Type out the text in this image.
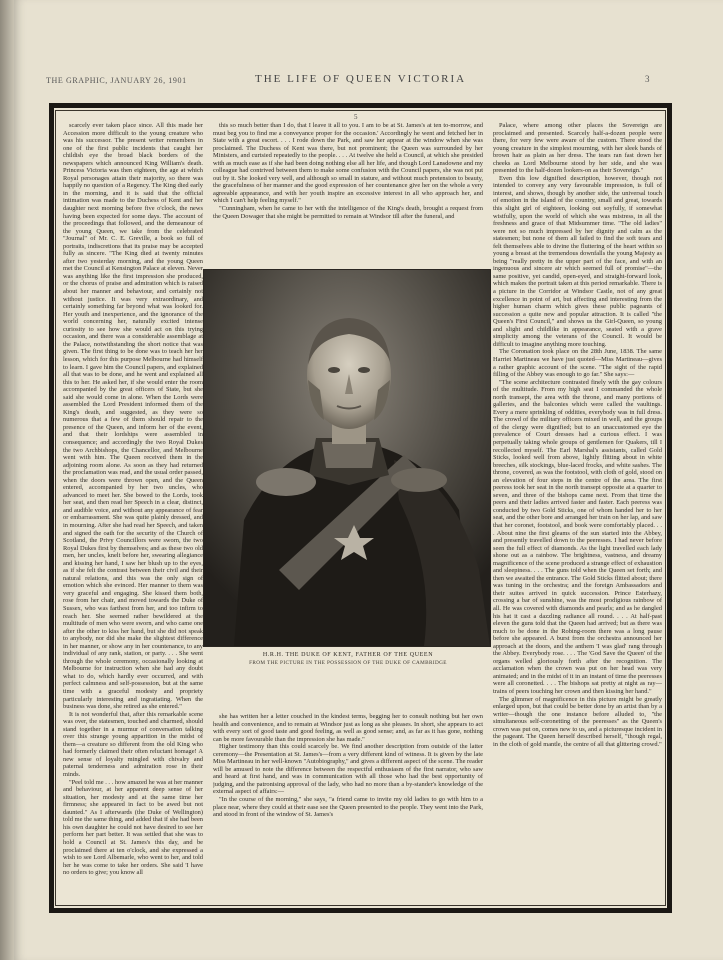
THE GRAPHIC, JANUARY 26, 1901	THE LIFE OF QUEEN VICTORIA	3
5

scarcely ever taken place since. All this made her Accession more difficult to the young creature who was his successor. The present writer remembers in one of the first public incidents that caught her childish eye the broad black borders of the newspapers which announced King William's death. Princess Victoria was then eighteen, the age at which Royal personages attain their majority, so there was happily no question of a Regency. The King died early in the morning, and it is said that the official intimation was made to the Duchess of Kent and her daughter next morning before five o'clock, the news having been expected for some days. The account of the proceedings that followed, and the demeanour of the young Queen, we take from the celebrated "Journal" of Mr. C. E. Greville, a book so full of portraits, indiscretions that its praise may be accepted fully as sincere. "The King died at twenty minutes after two yesterday morning, and the young Queen met the Council at Kensington Palace at eleven. Never was anything like the first impression she produced, or the chorus of praise and admiration which is raised about her manner and behaviour, and certainly not without justice. It was very extraordinary, and certainly something far beyond what was looked for. Her youth and inexperience, and the ignorance of the world concerning her, naturally excited intense curiosity to see how she would act on this trying occasion, and there was a considerable assemblage at the Palace, notwithstanding the short notice that was given. The first thing to be done was to teach her her lesson, which for this purpose Melbourne had himself to learn. I gave him the Council papers, and explained all that was to be done, and he went and explained all this to her. He asked her, if she would enter the room accompanied by the great officers of State, but she said she would come in alone. When the Lords were assembled the Lord President informed them of the King's death, and suggested, as they were so numerous that a few of them should repair to the presence of the Queen, and inform her of the event, and that their lordships were assembled in consequence; and accordingly the two Royal Dukes the two Archbishops, the Chancellor, and Melbourne went with him. The Queen received them in the adjoining room alone. As soon as they had returned the proclamation was read, and the usual order passed, when the doors were thrown open, and the Queen entered, accompanied by her two uncles, who advanced to meet her. She bowed to the Lords, took her seat, and then read her Speech in a clear, distinct, and audible voice, and without any appearance of fear or embarrassment. She was quite plainly dressed, and in mourning. After she had read her Speech, and taken and signed the oath for the security of the Church of Scotland, the Privy Councillors were sworn, the two Royal Dukes first by themselves; and as these two old men, her uncles, knelt before her, swearing allegiance and kissing her hand, I saw her blush up to the eyes, as if she felt the contrast between their civil and their natural relations, and this was the only sign of emotion which she evinced. Her manner to them was very graceful and engaging. She kissed them both, rose from her chair, and moved towards the Duke of Sussex, who was farthest from her, and too infirm to reach her. She seemed rather bewildered at the multitude of men who were sworn, and who came one after the other to kiss her hand, but she did not speak to anybody, nor did she make the slightest difference in her manner, or show any in her countenance, to any individual of any rank, station, or party. . . . She went through the whole ceremony, occasionally looking at Melbourne for instruction when she had any doubt what to do, which hardly ever occurred, and with perfect calmness and self-possession, but at the same time with a graceful modesty and propriety particularly interesting and ingratiating. When the business was done, she retired as she entered."

It is not wonderful that, after this remarkable scene was over, the statesmen, touched and charmed, should stand together in a murmur of conversation talking over this strange young apparition in the midst of them—a creature so different from the old King who had formerly claimed their often reluctant homage! A new sense of loyalty mingled with chivalry and paternal tenderness and admiration rose in their minds.

"Peel told me . . . how amazed he was at her manner and behaviour, at her apparent deep sense of her situation, her modesty and at the same time her firmness; she appeared in fact to be awed but not daunted." As I afterwards (the Duke of Wellington) told me the same thing, and added that if she had been his own daughter he could not have desired to see her perform her part better. It was settled that she was to hold a Council at St. James's this day, and be proclaimed there at ten o'clock, and she expressed a wish to see Lord Albemarle, who went to her, and told her he was come to take her orders. She said 'I have no orders to give; you know all

this so much better than I do, that I leave it all to you. I am to be at St. James's at ten to-morrow, and must beg you to find me a conveyance proper for the occasion.' Accordingly he went and fetched her in State with a great escort. . . . I rode down the Park, and saw her appear at the window when she was proclaimed. The Duchess of Kent was there, but not prominent; the Queen was surrounded by her Ministers, and curtsied repeatedly to the people. . . . At twelve she held a Council, at which she presided with as much ease as if she had been doing nothing else all her life, and though Lord Lansdowne and my colleague had contrived between them to make some confusion with the Council papers, she was not put out by it. She looked very well, and although so small in stature, and without much pretension to beauty, the gracefulness of her manner and the good expression of her countenance give her on the whole a very agreeable appearance, and with her youth inspire an excessive interest in all who approach her, and which I can't help feeling myself."

"Cunningham, when he came to her with the intelligence of the King's death, brought a request from the Queen Dowager that she might be permitted to remain at Windsor till after the funeral, and

H.R.H. THE DUKE OF KENT, FATHER OF THE QUEEN
FROM THE PICTURE IN THE POSSESSION OF THE DUKE OF CAMBRIDGE

she has written her a letter couched in the kindest terms, begging her to consult nothing but her own health and convenience, and to remain at Windsor just as long as she pleases. In short, she appears to act with every sort of good taste and good feeling, as well as good sense; and, as far as it has gone, nothing can be more favourable than the impression she has made."

Higher testimony than this could scarcely be. We find another description from outside of the latter ceremony—the Presentation at St. James's—from a very different kind of witness. It is given by the late Miss Martineau in her well-known "Autobiography," and gives a different aspect of the scene. The reader will be amused to note the difference between the respectful enthusiasm of the first narrator, who saw and heard at first hand, and was in communication with all those who had the best opportunity of judging, and the patronising approval of the lady, who had no more than a by-stander's knowledge of the external aspect of affairs:—

"In the course of the morning," she says, "a friend came to invite my old ladies to go with him to a place near, where they could at their ease see the Queen presented to the people. They went into the Park, and stood in front of the window of St. James's

Palace, where among other places the Sovereign are proclaimed and presented. Scarcely half-a-dozen people were there, for very few were aware of the custom. There stood the young creature in the simplest mourning, with her sleek bands of brown hair as plain as her dress. The tears ran fast down her cheeks as Lord Melbourne stood by her side, and she was presented to the half-dozen lookers-on as their Sovereign."

Even this low dignified description, however, though not intended to convey any very favourable impression, is full of interest, and shows, though by another side, the universal touch of emotion in the island of the country, small and great, towards this slight girl of eighteen, looking out soyfully, if somewhat wistfully, upon the world of which she was mistress, in all the freshness and grace of that Midsummer time. "The old ladies" were not so much impressed by her dignity and calm as the statesmen; but none of them all failed to find the soft tears and felt themselves able to divine the fluttering of the heart within so young a breast at the tremendous downfalls the young Majesty as being "really pretty in the upper part of the face, and with an ingenuous and sincere air which seemed full of promise"—the same positive, yet candid, open-eyed, and straight-forward look, which makes the portrait taken at this period remarkable. There is a picture in the Corridor at Windsor Castle, not of any great excellence in point of art, but affecting and interesting from the higher human charm which gives these public pageants of succession a quite new and popular attraction. It is called "the Queen's First Council," and shows us the Girl-Queen, so young and slight and childlike in appearance, seated with a grave simplicity among the veterans of the Council. It would be difficult to imagine anything more touching.

The Coronation took place on the 28th June, 1838. The same Harriet Martineau we have just quoted—Miss Martineau—gives a rather graphic account of the scene. "The sight of the rapid filling of the Abbey was enough to go far." She says:—

"The scene architecture contrasted finely with the gay colours of the multitude. From my high seat I commanded the whole north transept, the area with the throne, and many portions of galleries, and the balconies which were called the vaultings. Every a mere sprinkling of oddities, everybody was in full dress. The crowd of the military officers mixed in well, and the groups of the clergy were dignified; but to an unaccustomed eye the prevalence of Court dresses had a curious effect. I was perpetually taking whole groups of gentlemen for Quakers, till I recollected myself. The Earl Marshal's assistants, called Gold Sticks, looked well from above, lightly flitting about in white breeches, silk stockings, blue-laced frocks, and white sashes. The throne, covered, as was the footstool, with cloth of gold, stood on an elevation of four steps in the centre of the area. The first peeress took her seat in the north transept opposite at a quarter to seven, and three of the bishops came next. From that time the peers and their ladies arrived faster and faster. Each peeress was conducted by two Gold Sticks, one of whom handed her to her seat, and the other bore and arranged her train on her lap, and saw that her coronet, footstool, and book were comfortably placed. . . . About nine the first gleams of the sun started into the Abbey, and presently travelled down to the peeresses. I had never before seen the full effect of diamonds. As the light travelled each lady shone out as a rainbow. The brightness, vastness, and dreamy magnificence of the scene produced a strange effect of exhaustion and sleepiness. . . . The guns told when the Queen set forth; and then we awaited the entrance. The Gold Sticks flitted about; there was tuning in the orchestra; and the foreign Ambassadors and their suites arrived in quick succession. Prince Esterhazy, crossing a bar of sunshine, was the most prodigious rainbow of all. He was covered with diamonds and pearls; and as he dangled his hat it cast a dazzling radiance all round. . . . At half-past eleven the guns told that the Queen had arrived; but as there was much to be done in the Robing-room there was a long pause before she appeared. A burst from the orchestra announced her approach at the doors, and the anthem 'I was glad' rang through the Abbey. Everybody rose. . . . The 'God Save the Queen' of the organs welled gloriously forth after the recognition. The acclamation when the crown was put on her head was very animated; and in the midst of it in an instant of time the peeresses were all coronetted. . . . The bishops sat pretty at night as ray—trains of peers touching her crown and then kissing her hand."

The glimmer of magnificence in this picture might be greatly enlarged upon, but that could be better done by an artist than by a writer—though the one instance before alluded to, "the simultaneous self-coronetting of the peeresses" as the Queen's crown was put on, comes new to us, and a picturesque incident in the pageant. The Queen herself described herself, "though regal, in the cloth of gold mantle, the centre of all that glittering crowd."
